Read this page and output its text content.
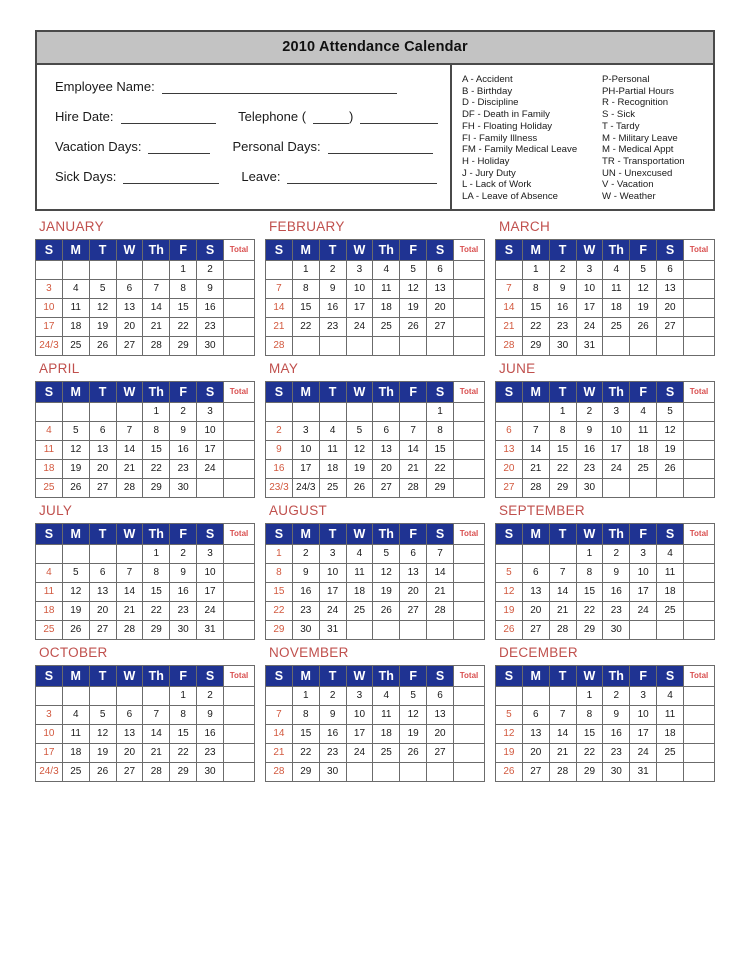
2010 Attendance Calendar
Employee Name:
Hire Date:	Telephone (	)
Vacation Days:	Personal Days:
Sick Days:	Leave:
A - Accident
B - Birthday
D - Discipline
DF - Death in Family
FH - Floating Holiday
FI - Family Illness
FM - Family Medical Leave
H - Holiday
J - Jury Duty
L - Lack of Work
LA - Leave of Absence
P-Personal
PH-Partial Hours
R - Recognition
S - Sick
T - Tardy
M - Military Leave
M - Medical Appt
TR - Transportation
UN - Unexcused
V - Vacation
W - Weather
JANUARY
S	M	T	W	Th	F	S	Total
					1	2	
3	4	5	6	7	8	9	
10	11	12	13	14	15	16	
17	18	19	20	21	22	23	
24/3	25	26	27	28	29	30	
FEBRUARY
S	M	T	W	Th	F	S	Total
	1	2	3	4	5	6	
7	8	9	10	11	12	13	
14	15	16	17	18	19	20	
21	22	23	24	25	26	27	
28							
MARCH
S	M	T	W	Th	F	S	Total
	1	2	3	4	5	6	
7	8	9	10	11	12	13	
14	15	16	17	18	19	20	
21	22	23	24	25	26	27	
28	29	30	31				
APRIL
S	M	T	W	Th	F	S	Total
				1	2	3	
4	5	6	7	8	9	10	
11	12	13	14	15	16	17	
18	19	20	21	22	23	24	
25	26	27	28	29	30		
MAY
S	M	T	W	Th	F	S	Total
						1	
2	3	4	5	6	7	8	
9	10	11	12	13	14	15	
16	17	18	19	20	21	22	
23/3	24/3	25	26	27	28	29	
JUNE
S	M	T	W	Th	F	S	Total
		1	2	3	4	5	
6	7	8	9	10	11	12	
13	14	15	16	17	18	19	
20	21	22	23	24	25	26	
27	28	29	30				
JULY
S	M	T	W	Th	F	S	Total
				1	2	3	
4	5	6	7	8	9	10	
11	12	13	14	15	16	17	
18	19	20	21	22	23	24	
25	26	27	28	29	30	31	
AUGUST
S	M	T	W	Th	F	S	Total
1	2	3	4	5	6	7	
8	9	10	11	12	13	14	
15	16	17	18	19	20	21	
22	23	24	25	26	27	28	
29	30	31					
SEPTEMBER
S	M	T	W	Th	F	S	Total
			1	2	3	4	
5	6	7	8	9	10	11	
12	13	14	15	16	17	18	
19	20	21	22	23	24	25	
26	27	28	29	30			
OCTOBER
S	M	T	W	Th	F	S	Total
					1	2	
3	4	5	6	7	8	9	
10	11	12	13	14	15	16	
17	18	19	20	21	22	23	
24/3	25	26	27	28	29	30	
NOVEMBER
S	M	T	W	Th	F	S	Total
	1	2	3	4	5	6	
7	8	9	10	11	12	13	
14	15	16	17	18	19	20	
21	22	23	24	25	26	27	
28	29	30					
DECEMBER
S	M	T	W	Th	F	S	Total
			1	2	3	4	
5	6	7	8	9	10	11	
12	13	14	15	16	17	18	
19	20	21	22	23	24	25	
26	27	28	29	30	31		
